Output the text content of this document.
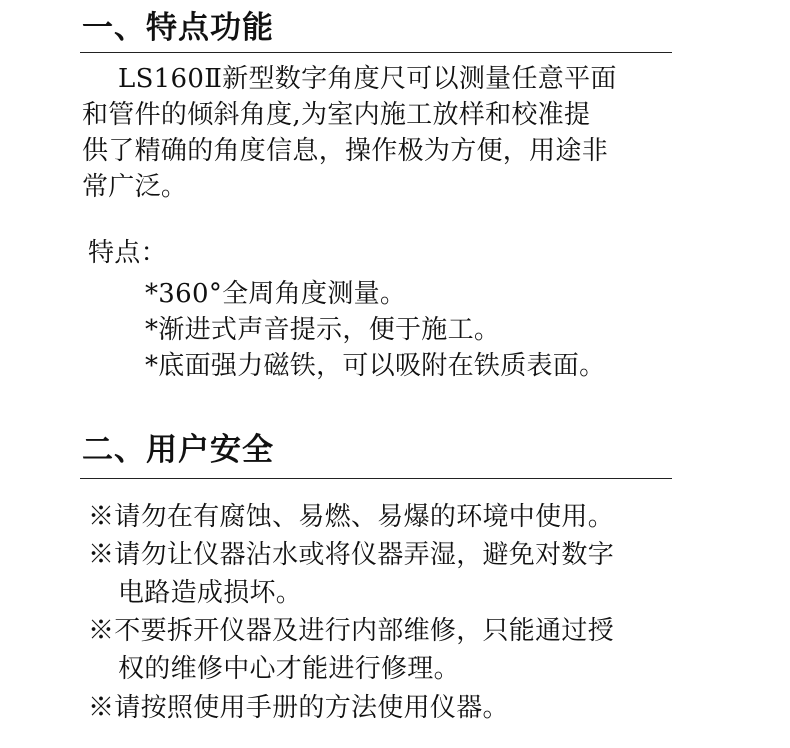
一、特点功能
LS160Ⅱ新型数字角度尺可以测量任意平面
和管件的倾斜角度,为室内施工放样和校准提
供了精确的角度信息，操作极为方便，用途非
常广泛。
特点：
*360°全周角度测量。
*渐进式声音提示，便于施工。
*底面强力磁铁，可以吸附在铁质表面。
二、用户安全
※请勿在有腐蚀、易燃、易爆的环境中使用。
※请勿让仪器沾水或将仪器弄湿，避免对数字
电路造成损坏。
※不要拆开仪器及进行内部维修，只能通过授
权的维修中心才能进行修理。
※请按照使用手册的方法使用仪器。
